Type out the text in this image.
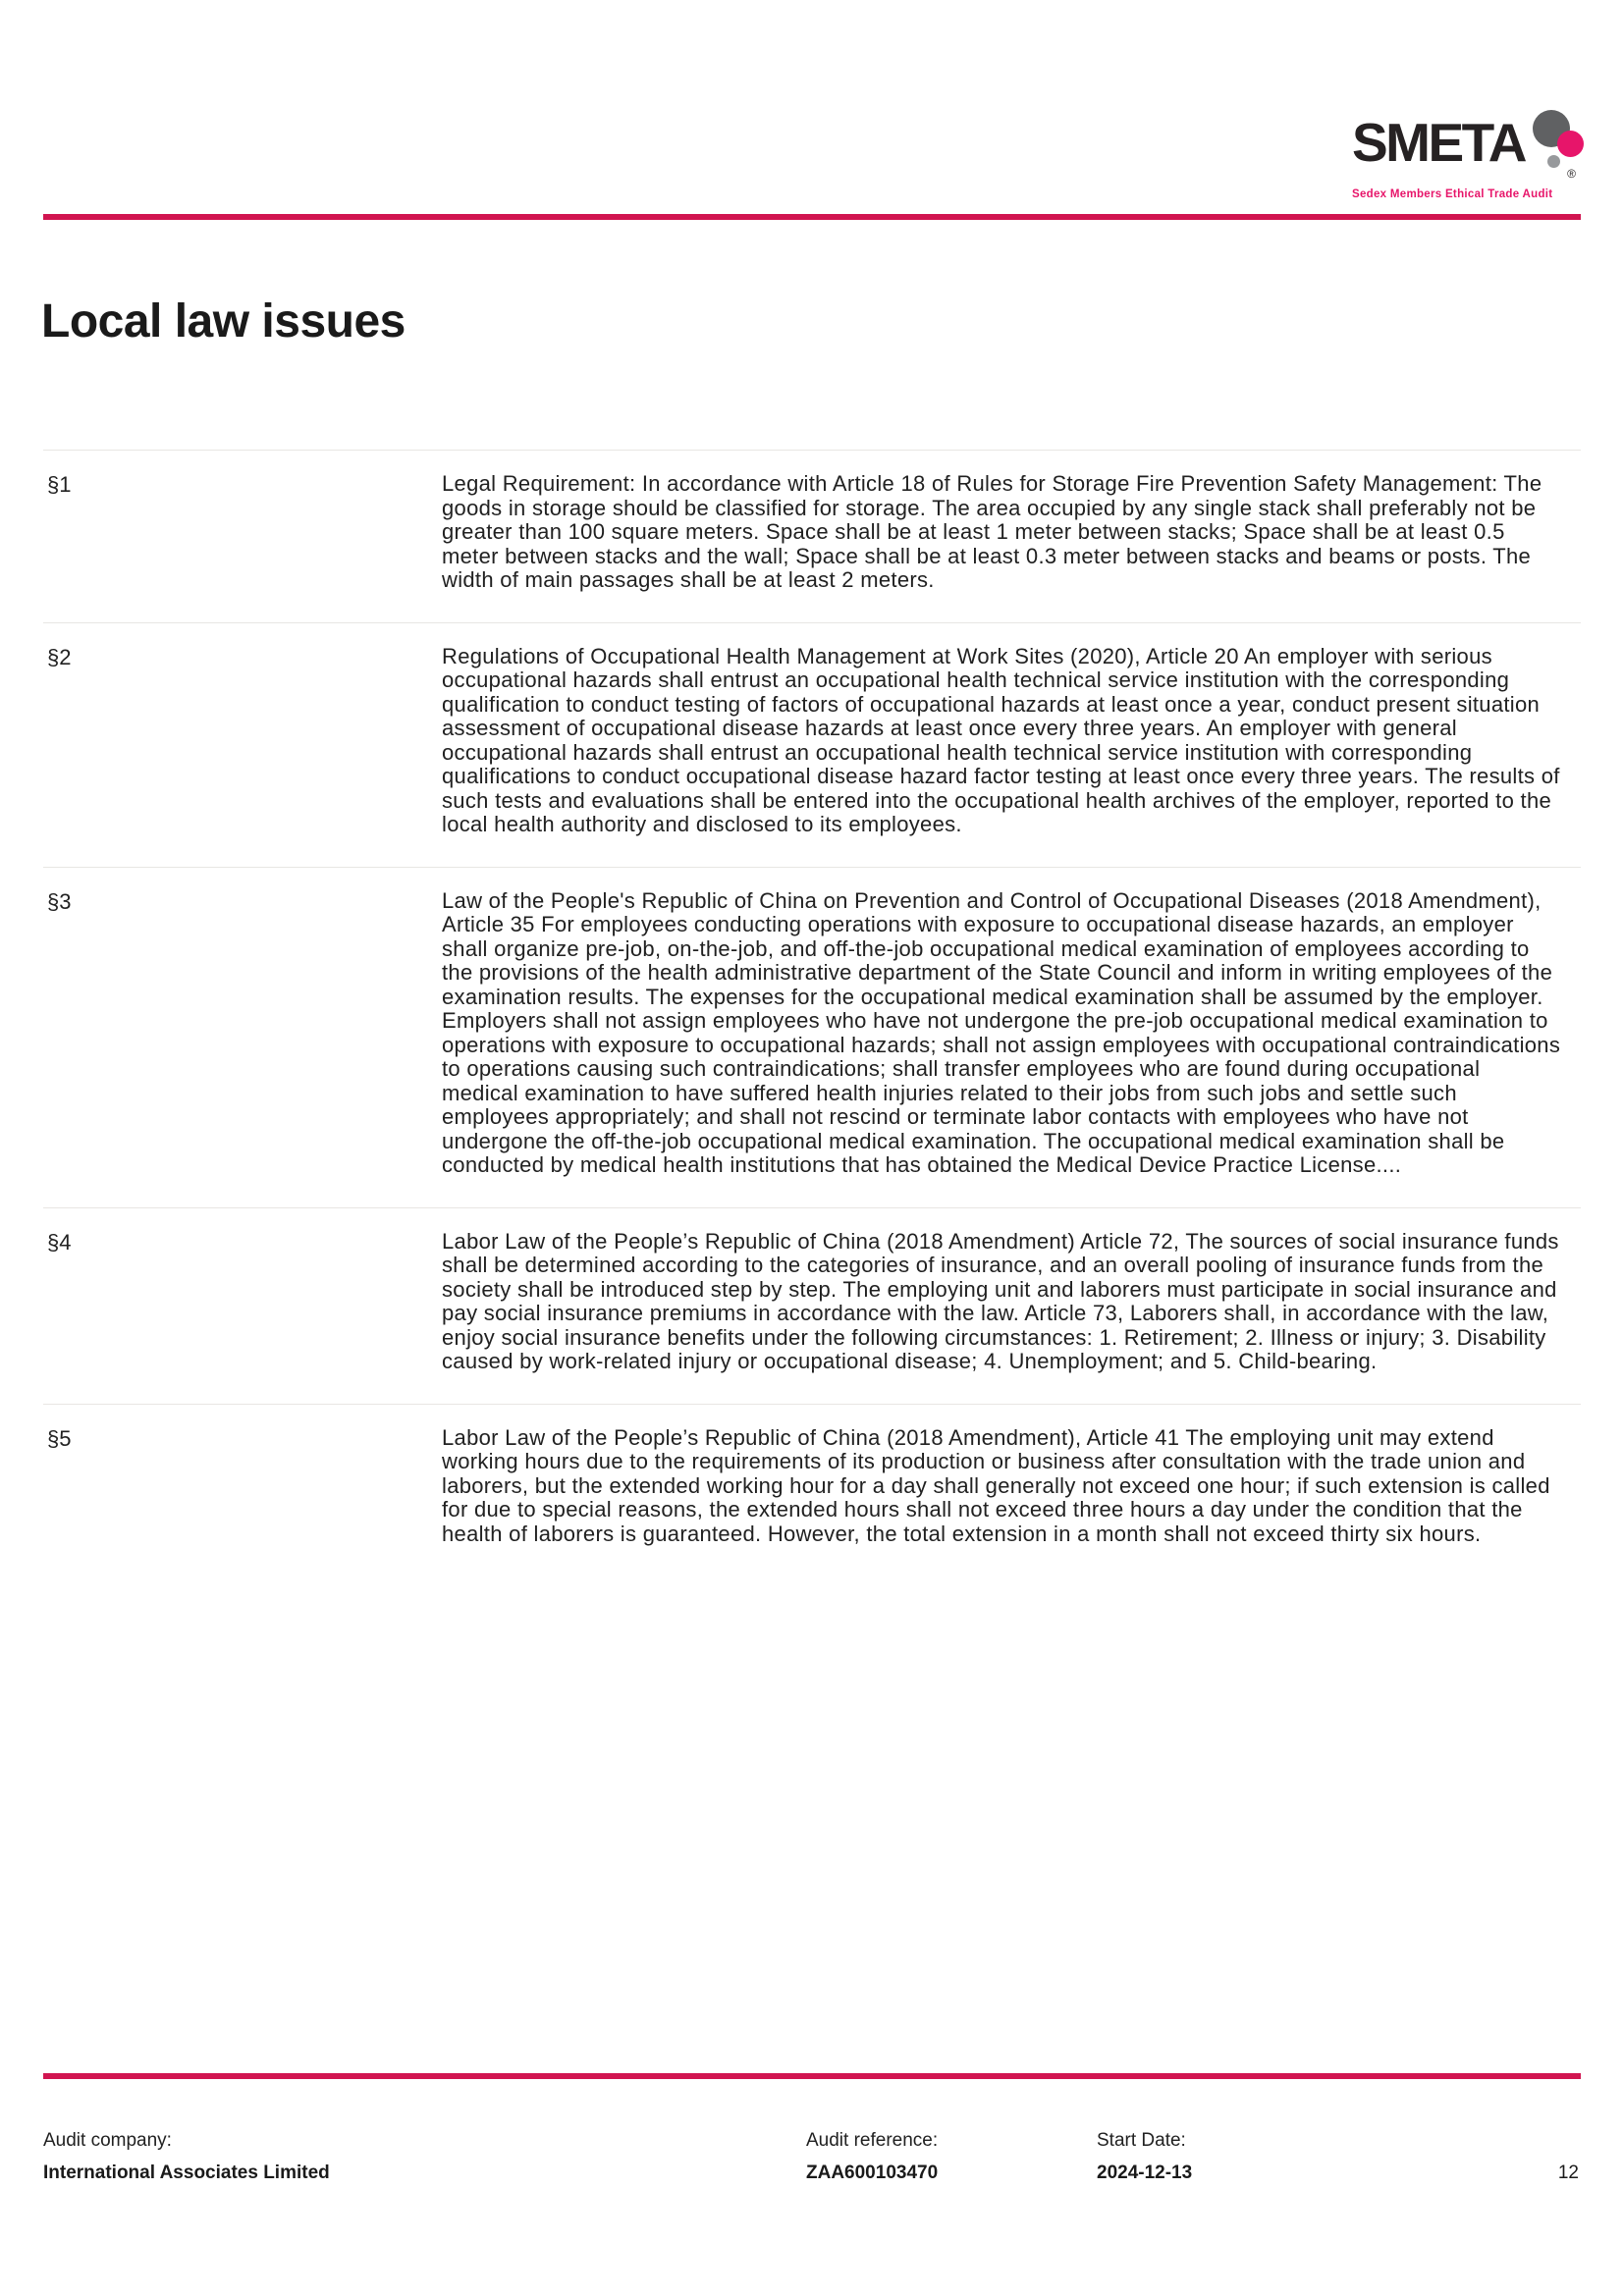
SMETA
®
Sedex Members Ethical Trade Audit
Local law issues
§1	Legal Requirement: In accordance with Article 18 of Rules for Storage Fire Prevention Safety Management: The goods in storage should be classified for storage. The area occupied by any single stack shall preferably not be greater than 100 square meters. Space shall be at least 1 meter between stacks; Space shall be at least 0.5 meter between stacks and the wall; Space shall be at least 0.3 meter between stacks and beams or posts. The width of main passages shall be at least 2 meters.
§2	Regulations of Occupational Health Management at Work Sites (2020), Article 20 An employer with serious occupational hazards shall entrust an occupational health technical service institution with the corresponding qualification to conduct testing of factors of occupational hazards at least once a year, conduct present situation assessment of occupational disease hazards at least once every three years. An employer with general occupational hazards shall entrust an occupational health technical service institution with corresponding qualifications to conduct occupational disease hazard factor testing at least once every three years. The results of such tests and evaluations shall be entered into the occupational health archives of the employer, reported to the local health authority and disclosed to its employees.
§3	Law of the People's Republic of China on Prevention and Control of Occupational Diseases (2018 Amendment), Article 35 For employees conducting operations with exposure to occupational disease hazards, an employer shall organize pre-job, on-the-job, and off-the-job occupational medical examination of employees according to the provisions of the health administrative department of the State Council and inform in writing employees of the examination results. The expenses for the occupational medical examination shall be assumed by the employer. Employers shall not assign employees who have not undergone the pre-job occupational medical examination to operations with exposure to occupational hazards; shall not assign employees with occupational contraindications to operations causing such contraindications; shall transfer employees who are found during occupational medical examination to have suffered health injuries related to their jobs from such jobs and settle such employees appropriately; and shall not rescind or terminate labor contacts with employees who have not undergone the off-the-job occupational medical examination. The occupational medical examination shall be conducted by medical health institutions that has obtained the Medical Device Practice License....
§4	Labor Law of the People’s Republic of China (2018 Amendment) Article 72, The sources of social insurance funds shall be determined according to the categories of insurance, and an overall pooling of insurance funds from the society shall be introduced step by step. The employing unit and laborers must participate in social insurance and pay social insurance premiums in accordance with the law. Article 73, Laborers shall, in accordance with the law, enjoy social insurance benefits under the following circumstances: 1. Retirement; 2. Illness or injury; 3. Disability caused by work-related injury or occupational disease; 4. Unemployment; and 5. Child-bearing.
§5	Labor Law of the People’s Republic of China (2018 Amendment), Article 41 The employing unit may extend working hours due to the requirements of its production or business after consultation with the trade union and laborers, but the extended working hour for a day shall generally not exceed one hour; if such extension is called for due to special reasons, the extended hours shall not exceed three hours a day under the condition that the health of laborers is guaranteed. However, the total extension in a month shall not exceed thirty six hours.
Audit company:	Audit reference:	Start Date:
International Associates Limited	ZAA600103470	2024-12-13	12
